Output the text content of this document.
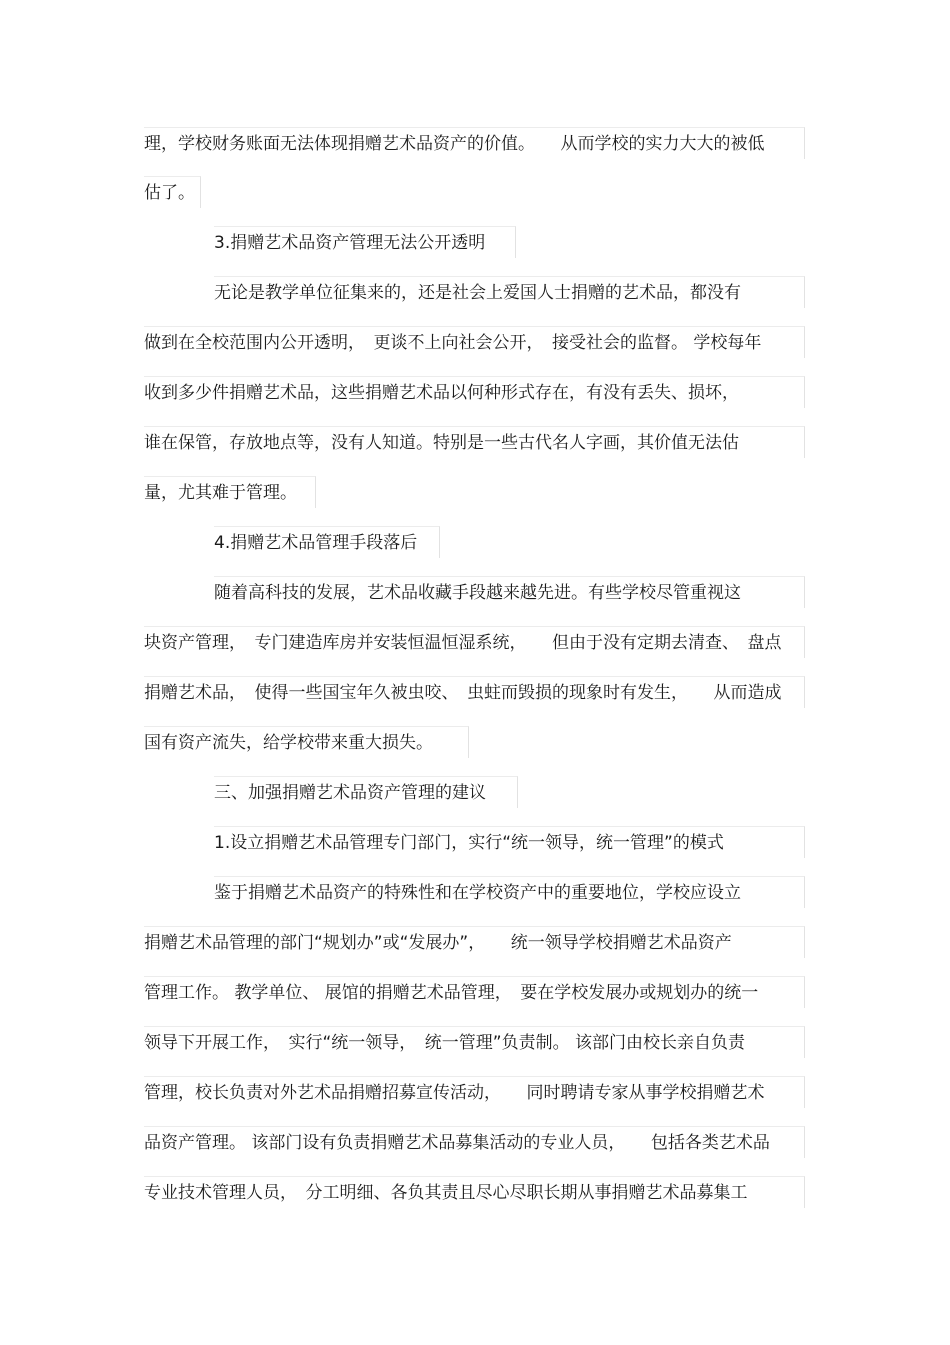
理，学校财务账面无法体现捐赠艺术品资产的价值。　　从而学校的实力大大的被低
估了。
3.捐赠艺术品资产管理无法公开透明
无论是教学单位征集来的，还是社会上爱国人士捐赠的艺术品，都没有
做到在全校范围内公开透明，　更谈不上向社会公开，　接受社会的监督。 学校每年
收到多少件捐赠艺术品，这些捐赠艺术品以何种形式存在，有没有丢失、损坏，
谁在保管，存放地点等，没有人知道。特别是一些古代名人字画，其价值无法估
量，尤其难于管理。
4.捐赠艺术品管理手段落后
随着高科技的发展，艺术品收藏手段越来越先进。有些学校尽管重视这
块资产管理，　专门建造库房并安装恒温恒湿系统，　　但由于没有定期去清查、　盘点
捐赠艺术品，　使得一些国宝年久被虫咬、　虫蛀而毁损的现象时有发生，　　从而造成
国有资产流失，给学校带来重大损失。
三、加强捐赠艺术品资产管理的建议
1.设立捐赠艺术品管理专门部门，实行“统一领导，统一管理”的模式
鉴于捐赠艺术品资产的特殊性和在学校资产中的重要地位，学校应设立
捐赠艺术品管理的部门“规划办”或“发展办”，　　统一领导学校捐赠艺术品资产
管理工作。 教学单位、 展馆的捐赠艺术品管理，　要在学校发展办或规划办的统一
领导下开展工作，　实行“统一领导，　统一管理”负责制。 该部门由校长亲自负责
管理，校长负责对外艺术品捐赠招募宣传活动，　　同时聘请专家从事学校捐赠艺术
品资产管理。 该部门设有负责捐赠艺术品募集活动的专业人员，　　包括各类艺术品
专业技术管理人员，　分工明细、各负其责且尽心尽职长期从事捐赠艺术品募集工
